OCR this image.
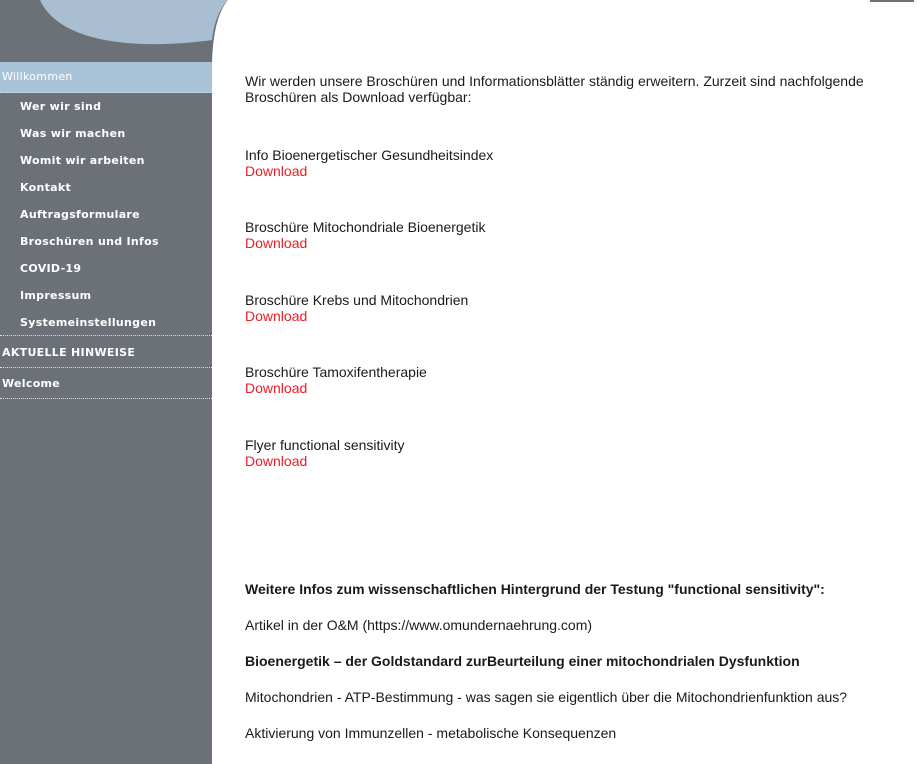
Willkommen
Wer wir sind
Was wir machen
Womit wir arbeiten
Kontakt
Auftragsformulare
Broschüren und Infos
COVID-19
Impressum
Systemeinstellungen
AKTUELLE HINWEISE
Welcome

Wir werden unsere Broschüren und Informationsblätter ständig erweitern. Zurzeit sind nachfolgende Broschüren als Download verfügbar:

Info Bioenergetischer Gesundheitsindex
Download
Broschüre Mitochondriale Bioenergetik
Download
Broschüre Krebs und Mitochondrien
Download
Broschüre Tamoxifentherapie
Download
Flyer functional sensitivity
Download
Weitere Infos zum wissenschaftlichen Hintergrund der Testung "functional sensitivity":
Artikel in der O&M (https://www.omundernaehrung.com)
Bioenergetik – der Goldstandard zurBeurteilung einer mitochondrialen Dysfunktion
Mitochondrien - ATP-Bestimmung - was sagen sie eigentlich über die Mitochondrienfunktion aus?
Aktivierung von Immunzellen - metabolische Konsequenzen
